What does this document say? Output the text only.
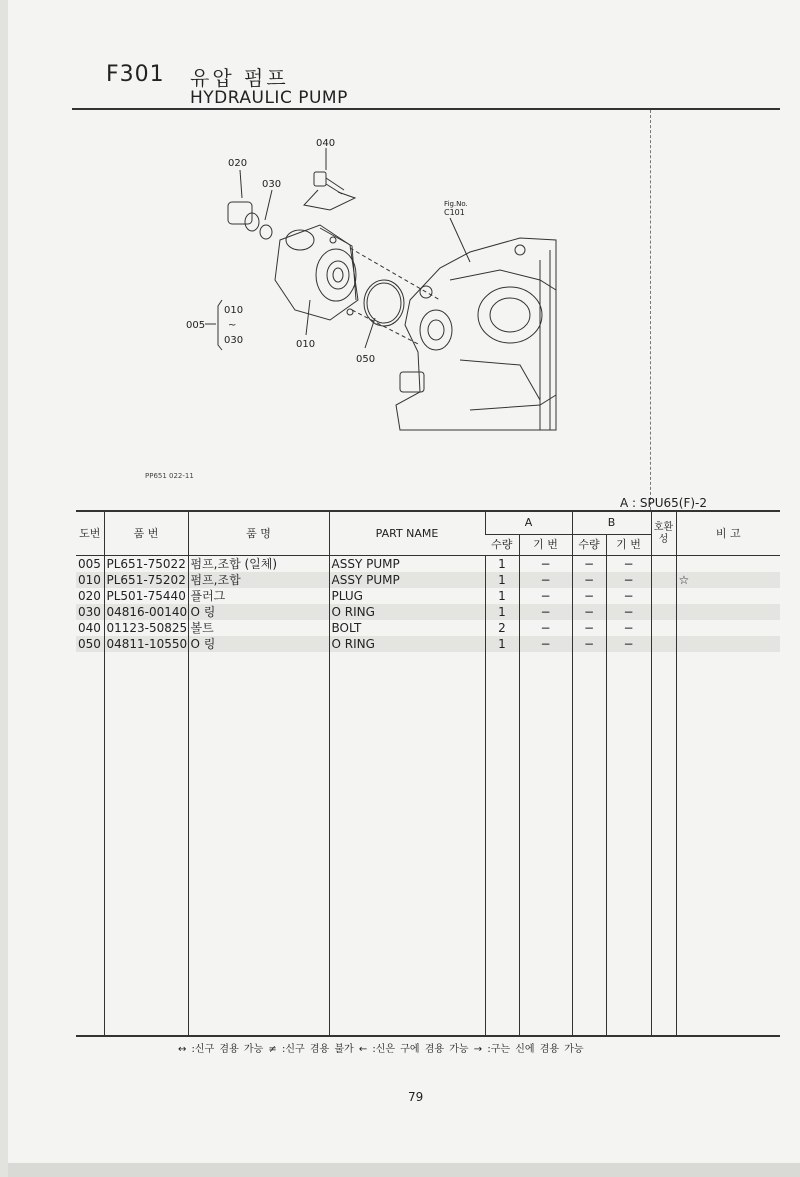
F301 유압 펌프
HYDRAULIC PUMP
040
020
030
Fig.No.
C101
010
005 ~
030	010
050
PP651 022-11
A : SPU65(F)-2
도번	품 번	품 명	PART NAME	A		B		호환성	비 고
				수량	기 번	수량	기 번		
005	PL651-75022	펌프,조합 (일체)	ASSY PUMP	1	−	−	−		
010	PL651-75202	펌프,조합	ASSY PUMP	1	−	−	−		☆
020	PL501-75440	플러그	PLUG	1	−	−	−		
030	04816-00140	O 링	O RING	1	−	−	−		
040	01123-50825	볼트	BOLT	2	−	−	−		
050	04811-10550	O 링	O RING	1	−	−	−		

↔ :신구 겸용 가능 ≠ :신구 겸용 불가 ← :신은 구에 겸용 가능 → :구는 신에 겸용 가능
79
